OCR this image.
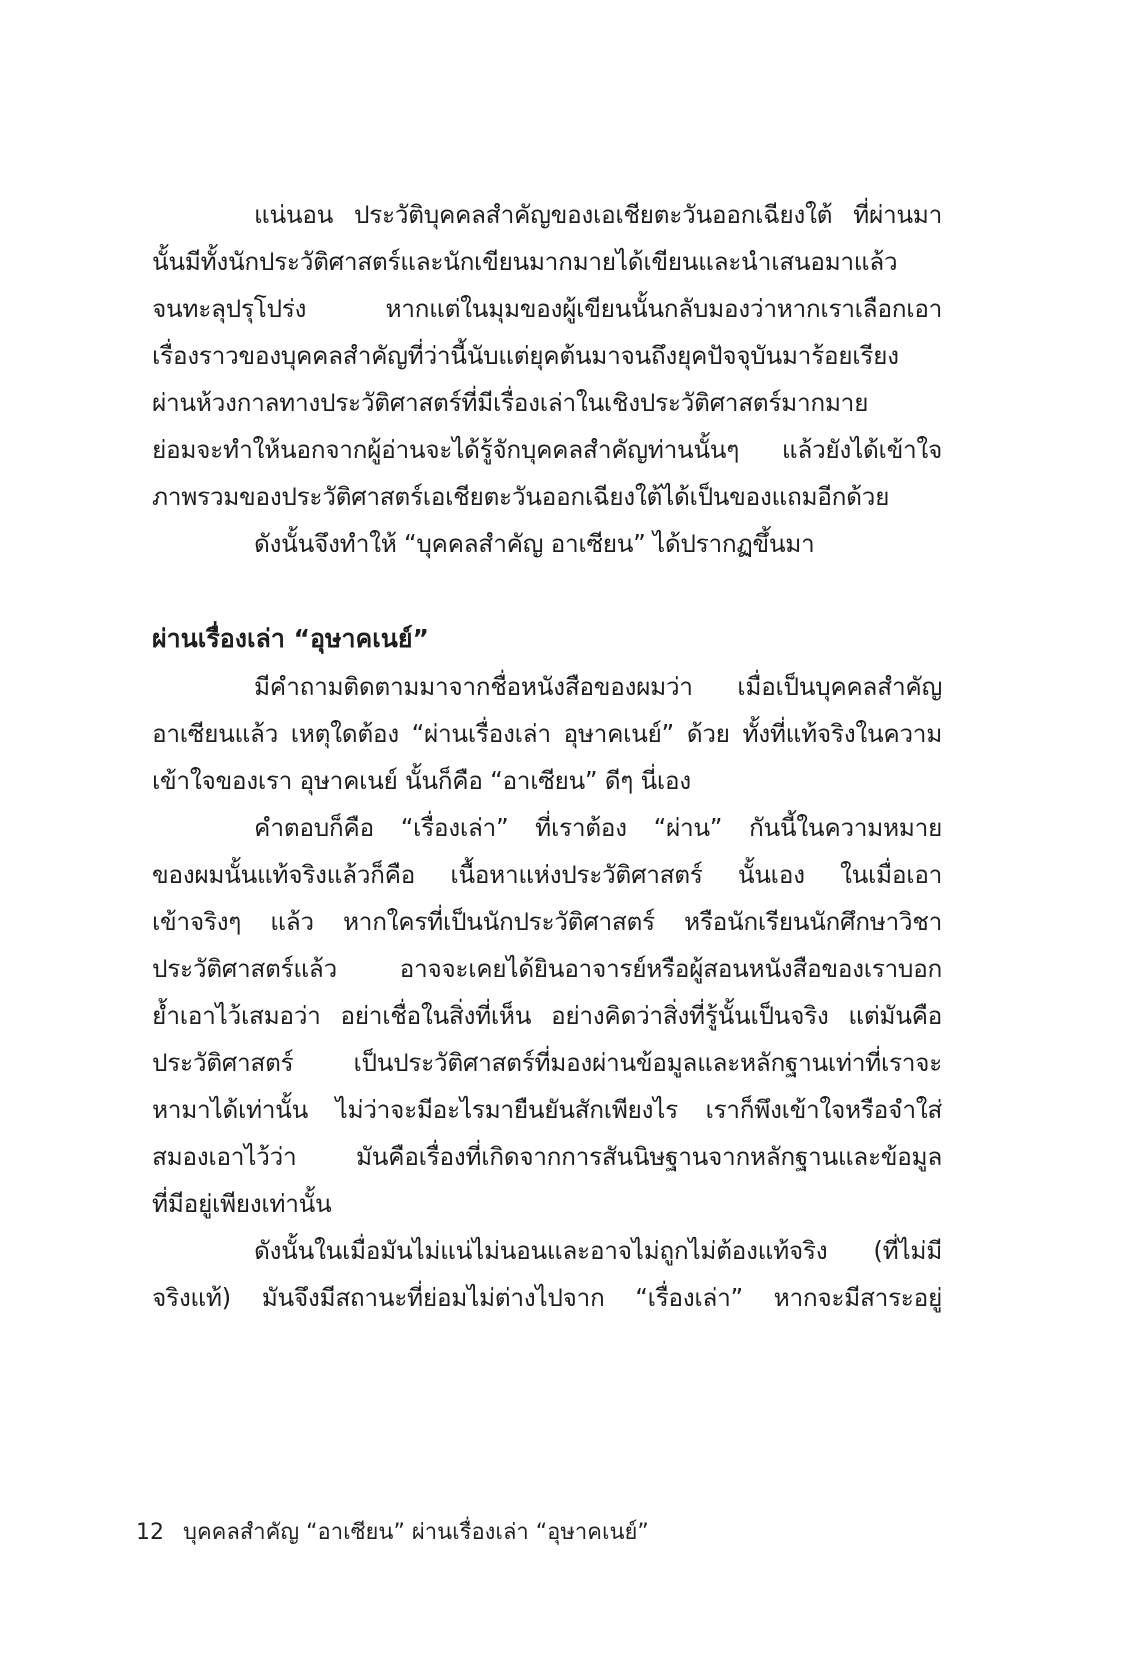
แน่นอน ประวัติบุคคลสำคัญของเอเชียตะวันออกเฉียงใต้ ที่ผ่านมา
นั้นมีทั้งนักประวัติศาสตร์และนักเขียนมากมายได้เขียนและนำเสนอมาแล้ว
จนทะลุปรุโปร่ง หากแต่ในมุมของผู้เขียนนั้นกลับมองว่าหากเราเลือกเอา
เรื่องราวของบุคคลสำคัญที่ว่านี้นับแต่ยุคต้นมาจนถึงยุคปัจจุบันมาร้อยเรียง
ผ่านห้วงกาลทางประวัติศาสตร์ที่มีเรื่องเล่าในเชิงประวัติศาสตร์มากมาย
ย่อมจะทำให้นอกจากผู้อ่านจะได้รู้จักบุคคลสำคัญท่านนั้นๆ แล้วยังได้เข้าใจ
ภาพรวมของประวัติศาสตร์เอเชียตะวันออกเฉียงใต้ได้เป็นของแถมอีกด้วย
ดังนั้นจึงทำให้ “บุคคลสำคัญ อาเซียน” ได้ปรากฏขึ้นมา
ผ่านเรื่องเล่า “อุษาคเนย์”
มีคำถามติดตามมาจากชื่อหนังสือของผมว่า เมื่อเป็นบุคคลสำคัญ
อาเซียนแล้ว เหตุใดต้อง “ผ่านเรื่องเล่า อุษาคเนย์” ด้วย ทั้งที่แท้จริงในความ
เข้าใจของเรา อุษาคเนย์ นั้นก็คือ “อาเซียน” ดีๆ นี่เอง
คำตอบก็คือ “เรื่องเล่า” ที่เราต้อง “ผ่าน” กันนี้ในความหมาย
ของผมนั้นแท้จริงแล้วก็คือ เนื้อหาแห่งประวัติศาสตร์ นั้นเอง ในเมื่อเอา
เข้าจริงๆ แล้ว หากใครที่เป็นนักประวัติศาสตร์ หรือนักเรียนนักศึกษาวิชา
ประวัติศาสตร์แล้ว อาจจะเคยได้ยินอาจารย์หรือผู้สอนหนังสือของเราบอก
ย้ำเอาไว้เสมอว่า อย่าเชื่อในสิ่งที่เห็น อย่างคิดว่าสิ่งที่รู้นั้นเป็นจริง แต่มันคือ
ประวัติศาสตร์ เป็นประวัติศาสตร์ที่มองผ่านข้อมูลและหลักฐานเท่าที่เราจะ
หามาได้เท่านั้น ไม่ว่าจะมีอะไรมายืนยันสักเพียงไร เราก็พึงเข้าใจหรือจำใส่
สมองเอาไว้ว่า มันคือเรื่องที่เกิดจากการสันนิษฐานจากหลักฐานและข้อมูล
ที่มีอยู่เพียงเท่านั้น
ดังนั้นในเมื่อมันไม่แน่ไม่นอนและอาจไม่ถูกไม่ต้องแท้จริง (ที่ไม่มี
จริงแท้) มันจึงมีสถานะที่ย่อมไม่ต่างไปจาก “เรื่องเล่า” หากจะมีสาระอยู่
12 บุคคลสำคัญ “อาเซียน” ผ่านเรื่องเล่า “อุษาคเนย์”
